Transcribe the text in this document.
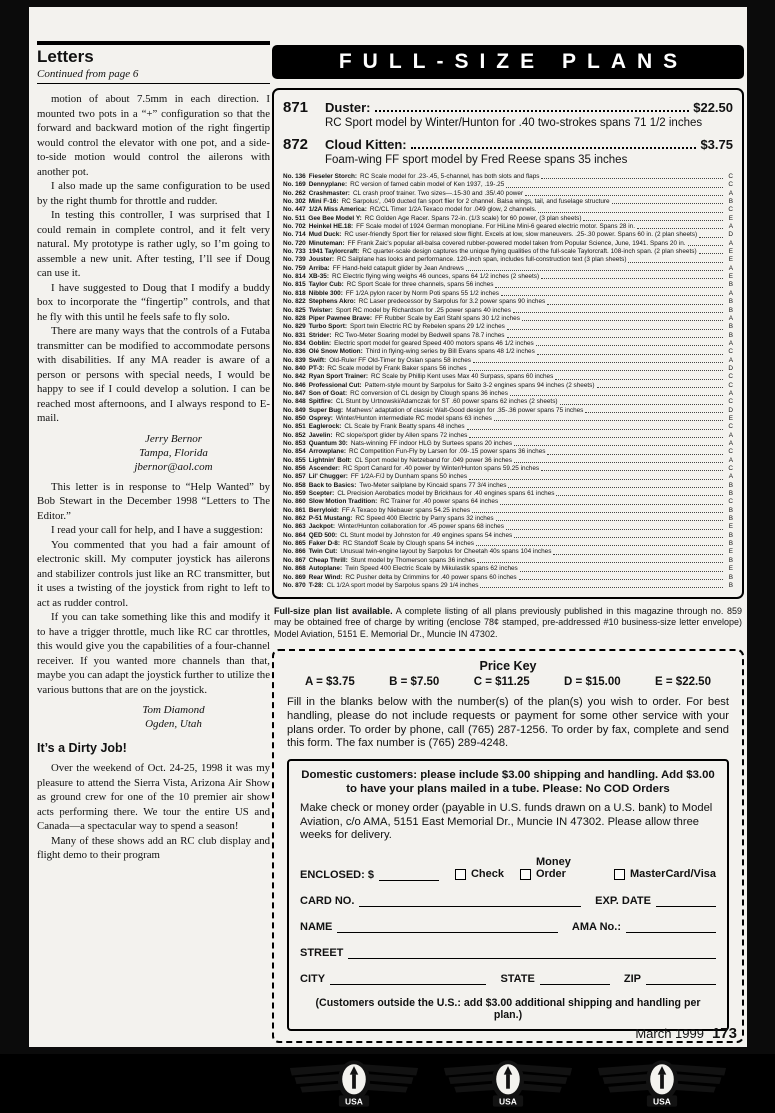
Letters
Continued from page 6

motion of about 7.5mm in each direction. I mounted two pots in a “+” configuration so that the forward and backward motion of the right fingertip would control the elevator with one pot, and a side-to-side motion would control the ailerons with another pot.

I also made up the same configuration to be used by the right thumb for throttle and rudder.

In testing this controller, I was surprised that I could remain in complete control, and it felt very natural. My prototype is rather ugly, so I’m going to assemble a new unit. After testing, I’ll see if Doug can use it.

I have suggested to Doug that I modify a buddy box to incorporate the “fingertip” controls, and that he fly with this until he feels safe to fly solo.

There are many ways that the controls of a Futaba transmitter can be modified to accommodate persons with disabilities. If any MA reader is aware of a person or persons with special needs, I would be happy to see if I could develop a solution. I can be reached most afternoons, and I always respond to E-mail.

Jerry Bernor
Tampa, Florida
jbernor@aol.com

This letter is in response to “Help Wanted” by Bob Stewart in the December 1998 “Letters to The Editor.”

I read your call for help, and I have a suggestion:

You commented that you had a fair amount of electronic skill. My computer joystick has ailerons and stabilizer controls just like an RC transmitter, but it uses a twisting of the joystick from right to left to act as rudder control.

If you can take something like this and modify it to have a trigger throttle, much like RC car throttles, this would give you the capabilities of a four-channel receiver. If you wanted more channels than that, maybe you can adapt the joystick further to utilize the various buttons that are on the joystick.

Tom Diamond
Ogden, Utah
It’s a Dirty Job!

Over the weekend of Oct. 24-25, 1998 it was my pleasure to attend the Sierra Vista, Arizona Air Show as ground crew for one of the 10 premier air show acts performing there. We tour the entire US and Canada—a spectacular way to spend a season!

Many of these shows add an RC club display and flight demo to their program

FULL-SIZE PLANS
871	Duster:	$22.50
RC Sport model by Winter/Hunton for .40 two-strokes spans 71 1/2 inches
872	Cloud Kitten:	$3.75
Foam-wing FF sport model by Fred Reese spans 35 inches
No. 136 Fieseler Storch: RC Scale model for .23-.45, 5-channel, has both slots and flaps	C
No. 169 Dennyplane: RC version of famed cabin model of Ken 1937, .19-.25	C
No. 262 Crashmaster: CL crash proof trainer. Two sizes—.15-30 and .35/.40 power	A
No. 302 Mini F-16: RC Sarpolus', .049 ducted fan sport flier for 2 channel. Balsa wings, tail, and fuselage structure	B
No. 447 1/2A Miss America: RC/CL Timer 1/2A Texaco model for .049 glow, 2 channels.	C
No. 511 Gee Bee Model Y: RC Golden Age Racer. Spans 72-in. (1/3 scale) for 60 power, (3 plan sheets)	E
No. 702 Heinkel HE.18: FF Scale model of 1924 German monoplane. For HiLine Mini-6 geared electric motor. Spans 28 in.	A
No. 714 Mud Duck: RC user-friendly Sport flier for relaxed slow flight. Excels at low, slow maneuvers. .25-.30 power. Spans 60 in. (2 plan sheets)	D
No. 720 Minuteman: FF Frank Zaic's popular all-balsa covered rubber-powered model taken from Popular Science, June, 1941. Spans 20 in.	A
No. 733 1941 Taylorcraft: RC quarter-scale design captures the unique flying qualities of the full-scale Taylorcraft. 108-inch span. (2 plan sheets)	E
No. 739 Jouster: RC Sailplane has looks and performance. 120-inch span, includes full-construction text (3 plan sheets)	E
No. 759 Arriba: FF Hand-held catapult glider by Jean Andrews	A
No. 814 XB-35: RC Electric flying wing weighs 46 ounces, spans 64 1/2 inches (2 sheets)	E
No. 815 Taylor Cub: RC Sport Scale for three channels, spans 56 inches	B
No. 818 Nibble 300: FF 1/2A pylon racer by Norm Poti spans 55 1/2 inches	A
No. 822 Stephens Akro: RC Laser predecessor by Sarpolus for 3.2 power spans 90 inches	B
No. 825 Twister: Sport RC model by Richardson for .25 power spans 40 inches	B
No. 828 Piper Pawnee Brave: FF Rubber Scale by Earl Stahl spans 30 1/2 inches	A
No. 829 Turbo Sport: Sport twin Electric RC by Rebelen spans 29 1/2 inches	B
No. 831 Strider: RC Two-Meter Soaring model by Bedwell spans 78.7 inches	B
No. 834 Goblin: Electric sport model for geared Speed 400 motors spans 46 1/2 inches	A
No. 836 Olé Snow Motion: Third in flying-wing series by Bill Evans spans 48 1/2 inches	C
No. 839 Swift: Old-Ruler FF Old-Timer by Oslan spans 58 inches	A
No. 840 PT-3: RC Scale model by Frank Baker spans 56 inches	D
No. 842 Ryan Sport Trainer: RC Scale by Phillip Kent uses Max 40 Surpass, spans 60 inches	C
No. 846 Professional Cut: Pattern-style mount by Sarpolus for Saito 3-2 engines spans 94 inches (2 sheets)	C
No. 847 Son of Goat: RC conversion of CL design by Clough spans 36 inches	A
No. 848 Spitfire: CL Stunt by Urtnowski/Adamczak for ST .60 power spans 62 inches (2 sheets)	C
No. 849 Super Bug: Mathews' adaptation of classic Walt-Good design for .35-.36 power spans 75 inches	D
No. 850 Osprey: Winter/Hunton intermediate RC model spans 63 inches	E
No. 851 Eaglerock: CL Scale by Frank Beatty spans 48 inches	C
No. 852 Javelin: RC slope/sport glider by Allen spans 72 inches	A
No. 853 Quantum 30: Nats-winning FF indoor HLG by Surtees spans 20 inches	A
No. 854 Arrowplane: RC Competition Fun-Fly by Larsen for .09-.15 power spans 36 inches	C
No. 855 Lightnin' Bolt: CL Sport model by Netzeband for .049 power 36 inches	A
No. 856 Ascender: RC Sport Canard for .40 power by Winter/Hunton spans 59.25 inches	C
No. 857 Lil' Chugger: FF 1/2A-F/J by Dunham spans 50 inches	A
No. 858 Back to Basics: Two-Meter sailplane by Kincaid spans 77 3/4 inches	B
No. 859 Scepter: CL Precision Aerobatics model by Brickhaus for .40 engines spans 61 inches	B
No. 860 Slow Motion Tradition: RC Trainer for .40 power spans 64 inches	C
No. 861 Berryloid: FF A Texaco by Niebauer spans 54.25 inches	B
No. 862 P-51 Mustang: RC Speed 400 Electric by Parry spans 32 inches	B
No. 863 Jackpot: Winter/Hunton collaboration for .45 power spans 68 inches	E
No. 864 QED 500: CL Stunt model by Johnston for .49 engines spans 54 inches	B
No. 865 Faker D-8: RC Standoff Scale by Clough spans 54 inches	B
No. 866 Twin Cut: Unusual twin-engine layout by Sarpolus for Cheetah 40s spans 104 inches	E
No. 867 Cheap Thrill: Stunt model by Thomerson spans 36 inches	B
No. 868 Autoplane: Twin Speed 400 Electric Scale by Mikulastik spans 62 inches	E
No. 869 Rear Wind: RC Pusher delta by Crimmins for .40 power spans 60 inches	B
No. 870 T-28: CL 1/2A sport model by Sarpolus spans 29 1/4 inches	B

Full-size plan list available. A complete listing of all plans previously published in this magazine through no. 859 may be obtained free of charge by writing (enclose 78¢ stamped, pre-addressed #10 business-size letter envelope) Model Aviation, 5151 E. Memorial Dr., Muncie IN 47302.

Price Key
A = $3.75	B = $7.50	C = $11.25	D = $15.00	E = $22.50

Fill in the blanks below with the number(s) of the plan(s) you wish to order. For best handling, please do not include requests or payment for some other service with your plans order. To order by phone, call (765) 287-1256. To order by fax, complete and send this form. The fax number is (765) 289-4248.

Domestic customers: please include $3.00 shipping and handling. Add $3.00 to have your plans mailed in a tube. Please: No COD Orders

Make check or money order (payable in U.S. funds drawn on a U.S. bank) to Model Aviation, c/o AMA, 5151 East Memorial Dr., Muncie IN 47302. Please allow three weeks for delivery.

ENCLOSED: $	Check
Money Order	MasterCard/Visa
CARD NO.	EXP. DATE
NAME	AMA No.:
STREET
CITY	STATE	ZIP

(Customers outside the U.S.: add $3.00 additional shipping and handling per plan.)

USA	USA	USA
March 1999 173
